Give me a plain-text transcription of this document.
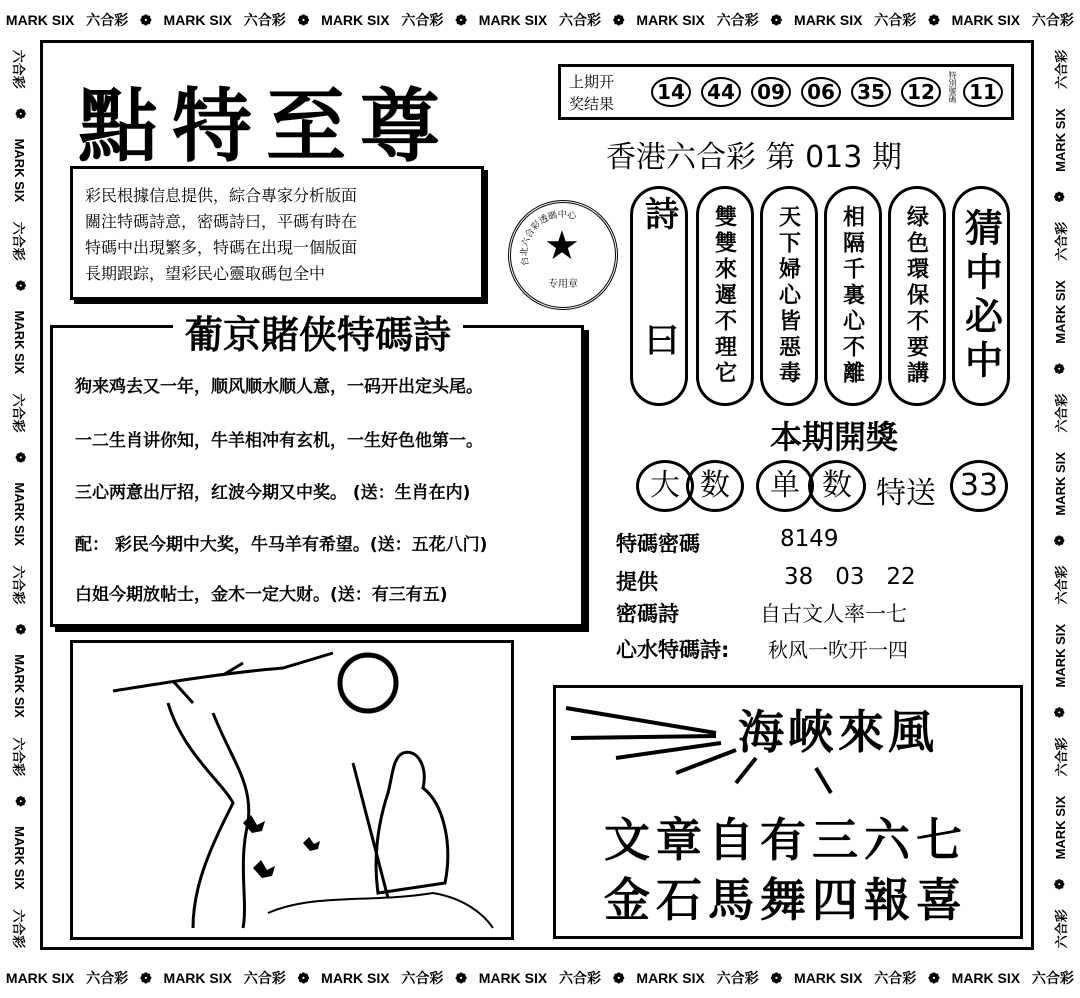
MARK SIX 六合彩 ❁ MARK SIX 六合彩 ❁ MARK SIX 六合彩 ❁ MARK SIX 六合彩 ❁ MARK SIX 六合彩 ❁ MARK SIX 六合彩 ❁ MARK SIX 六合彩
MARK SIX 六合彩 ❁ MARK SIX 六合彩 ❁ MARK SIX 六合彩 ❁ MARK SIX 六合彩 ❁ MARK SIX 六合彩 ❁ MARK SIX 六合彩 ❁ MARK SIX 六合彩
六合彩
❁
MARK SIX
六合彩
❁
MARK SIX
六合彩
❁
MARK SIX
六合彩
❁
MARK SIX
六合彩
❁
MARK SIX
六合彩	六合彩
❁
MARK SIX
六合彩
❁
MARK SIX
六合彩
❁
MARK SIX
六合彩
❁
MARK SIX
六合彩
❁
MARK SIX
六合彩
點特至尊
彩民根據信息提供，綜合專家分析版面
關注特碼詩意，密碼詩曰，平碼有時在
特碼中出現繁多，特碼在出現一個版面
長期跟踪，望彩民心靈取碼包全中
台北六合彩透碼中心
★
专用章
上期开
奖结果	14	44	09	06	35	12	特別號碼 11
香港六合彩 第 013 期
詩 曰 雙雙來遲不理它 天下婦心皆惡毒 相隔千裏心不離 绿色環保不要講 猜中必中
本期開獎
大 数	单 数 特送 33
特碼密碼	8149
提供	38   03   22
密碼詩	自古文人率一七
心水特碼詩: 秋风一吹开一四
葡京賭侠特碼詩
狗来鸡去又一年，顺风顺水顺人意，一码开出定头尾。
一二生肖讲你知，牛羊相冲有玄机，一生好色他第一。
三心两意出厅招，红波今期又中奖。 (送：生肖在内)
配： 彩民今期中大奖，牛马羊有希望。(送：五花八门)
白姐今期放帖士，金木一定大财。(送：有三有五)
海峽來風
文章自有三六七
金石馬舞四報喜
